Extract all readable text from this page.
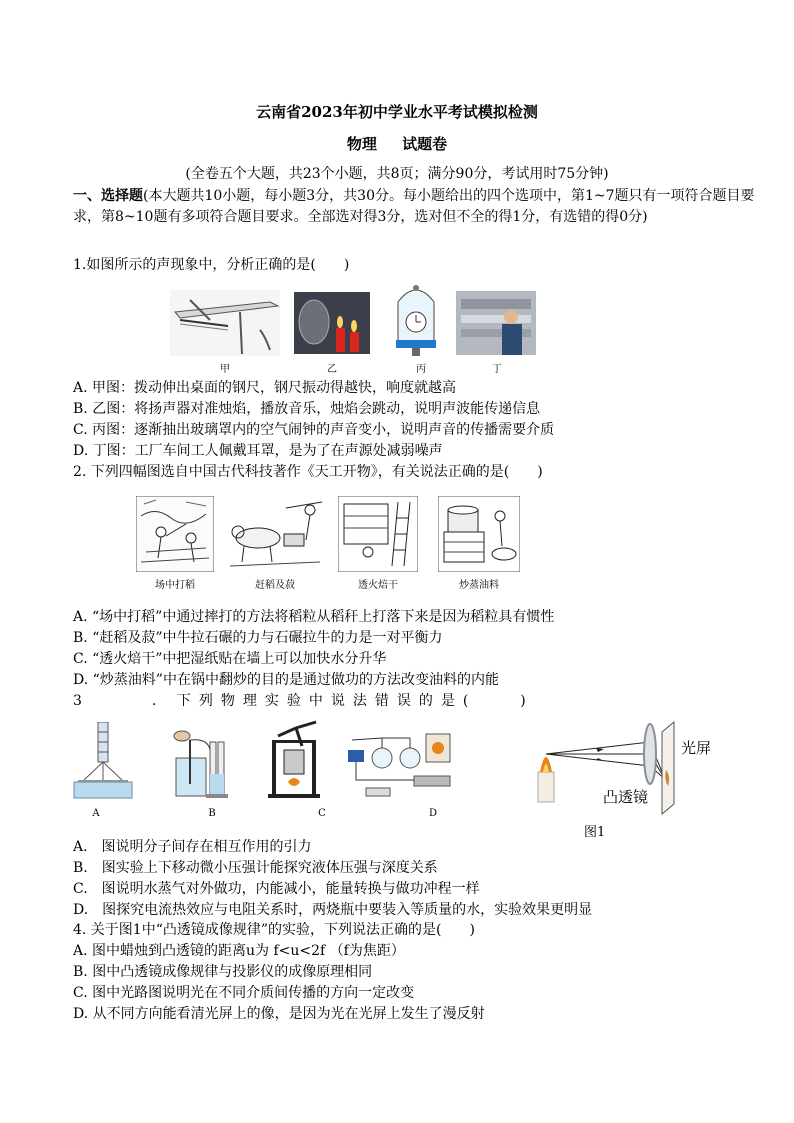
云南省2023年初中学业水平考试模拟检测
物理 试题卷
(全卷五个大题，共23个小题，共8页；满分90分，考试用时75分钟)
一、选择题(本大题共10小题，每小题3分，共30分。每小题给出的四个选项中，第1~7题只有一项符合题目要求，第8~10题有多项符合题目要求。全部选对得3分，选对但不全的得1分，有选错的得0分)
1.如图所示的声现象中，分析正确的是(　　)
甲	乙	丙	丁
A. 甲图：拨动伸出桌面的钢尺，钢尺振动得越快，响度就越高
B. 乙图：将扬声器对准烛焰，播放音乐，烛焰会跳动，说明声波能传递信息
C. 丙图：逐渐抽出玻璃罩内的空气闹钟的声音变小，说明声音的传播需要介质
D. 丁图：工厂车间工人佩戴耳罩，是为了在声源处减弱噪声
2. 下列四幅图选自中国古代科技著作《天工开物》，有关说法正确的是(　　)
场中打稻	赶稻及菽	透火焙干	炒蒸油料
A. “场中打稻”中通过摔打的方法将稻粒从稻秆上打落下来是因为稻粒具有惯性
B. “赶稻及菽”中牛拉石碾的力与石碾拉牛的力是一对平衡力
C. “透火焙干”中把湿纸贴在墙上可以加快水分升华
D. “炒蒸油料”中在锅中翻炒的目的是通过做功的方法改变油料的内能
3	. 下列物理实验中说法错误的是(　　)
A	B	C	D
光屏
凸透镜
图1
A.　图说明分子间存在相互作用的引力
B.　图实验上下移动微小压强计能探究液体压强与深度关系
C.　图说明水蒸气对外做功，内能减小，能量转换与做功冲程一样
D.　图探究电流热效应与电阻关系时，两烧瓶中要装入等质量的水，实验效果更明显
4. 关于图1中“凸透镜成像规律”的实验，下列说法正确的是(　　)
A. 图中蜡烛到凸透镜的距离u为 f<u<2f （f为焦距）
B. 图中凸透镜成像规律与投影仪的成像原理相同
C. 图中光路图说明光在不同介质间传播的方向一定改变
D. 从不同方向能看清光屏上的像，是因为光在光屏上发生了漫反射
